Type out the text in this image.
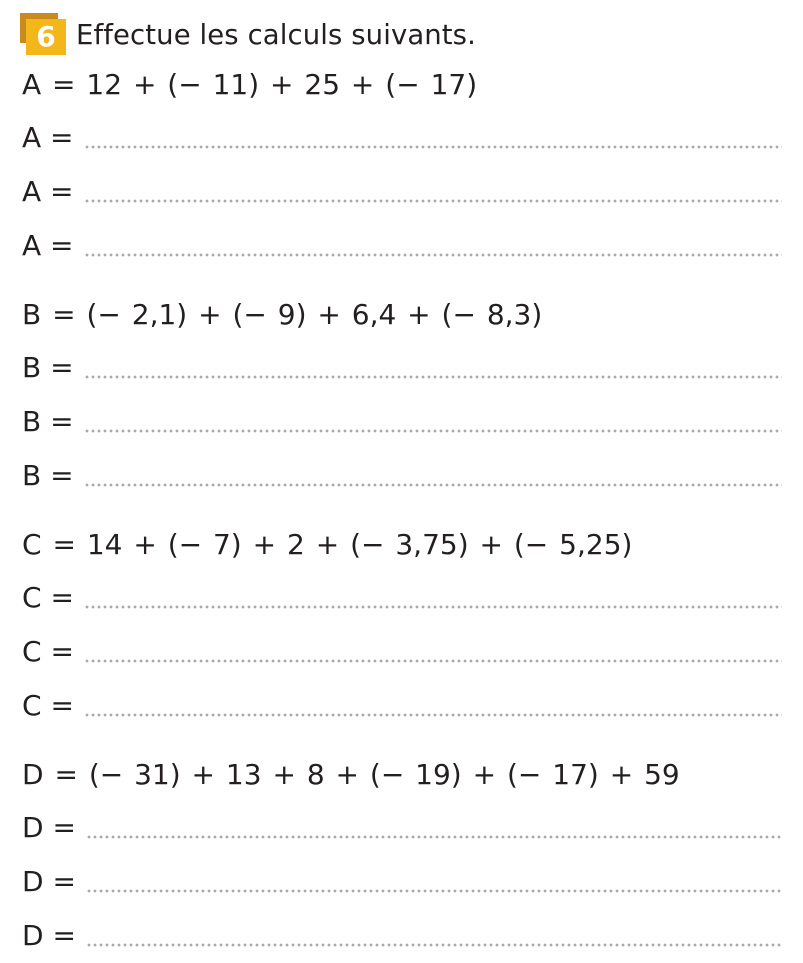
6 Effectue les calculs suivants.
A = 12 + (− 11) + 25 + (− 17)
A =
A =
A =
B = (− 2,1) + (− 9) + 6,4 + (− 8,3)
B =
B =
B =
C = 14 + (− 7) + 2 + (− 3,75) + (− 5,25)
C =
C =
C =
D = (− 31) + 13 + 8 + (− 19) + (− 17) + 59
D =
D =
D =
